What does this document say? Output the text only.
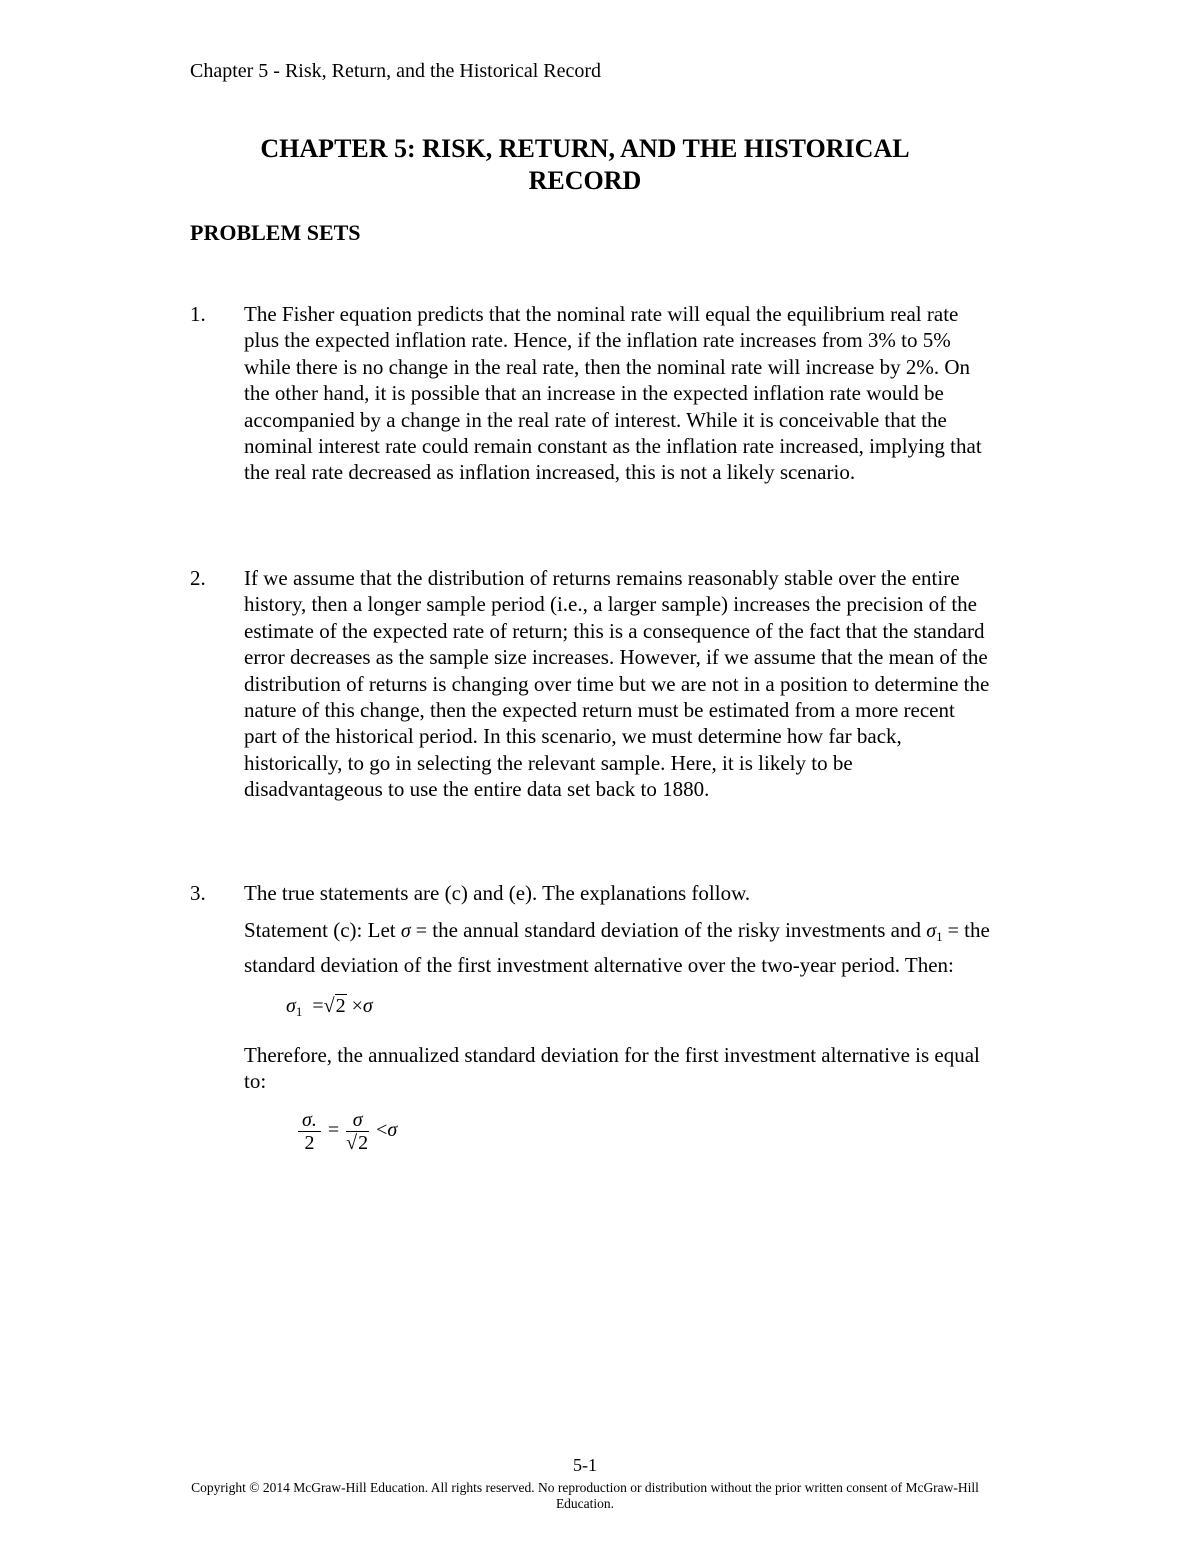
Chapter 5 - Risk, Return, and the Historical Record
CHAPTER 5: RISK, RETURN, AND THE HISTORICAL
RECORD
PROBLEM SETS
1. The Fisher equation predicts that the nominal rate will equal the equilibrium real rate plus the expected inflation rate. Hence, if the inflation rate increases from 3% to 5% while there is no change in the real rate, then the nominal rate will increase by 2%. On the other hand, it is possible that an increase in the expected inflation rate would be accompanied by a change in the real rate of interest. While it is conceivable that the nominal interest rate could remain constant as the inflation rate increased, implying that the real rate decreased as inflation increased, this is not a likely scenario.

2. If we assume that the distribution of returns remains reasonably stable over the entire history, then a longer sample period (i.e., a larger sample) increases the precision of the estimate of the expected rate of return; this is a consequence of the fact that the standard error decreases as the sample size increases. However, if we assume that the mean of the distribution of returns is changing over time but we are not in a position to determine the nature of this change, then the expected return must be estimated from a more recent part of the historical period. In this scenario, we must determine how far back, historically, to go in selecting the relevant sample. Here, it is likely to be disadvantageous to use the entire data set back to 1880.

3. The true statements are (c) and (e). The explanations follow.

Statement (c): Let σ = the annual standard deviation of the risky investments and $\sigma_1$ = the standard deviation of the first investment alternative over the two-year period. Then:

$\sigma_1 =√2 \times\sigma$

Therefore, the annualized standard deviation for the first investment alternative is equal to:

$\frac{\sigma.}{2} = \frac{\sigma}{√2} <\sigma$
5-1
Copyright © 2014 McGraw-Hill Education. All rights reserved. No reproduction or distribution without the prior written consent of McGraw-Hill Education.
